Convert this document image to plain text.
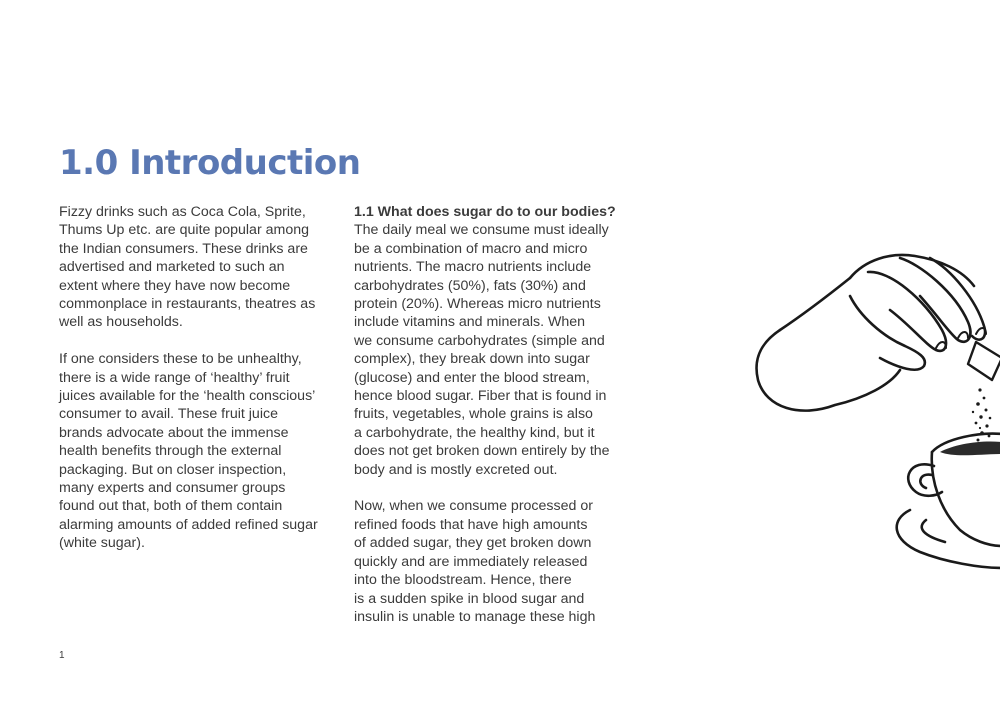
1.0 Introduction
Fizzy drinks such as Coca Cola, Sprite,
Thums Up etc. are quite popular among
the Indian consumers. These drinks are
advertised and marketed to such an
extent where they have now become
commonplace in restaurants, theatres as
well as households.
If one considers these to be unhealthy,
there is a wide range of ‘healthy’ fruit
juices available for the ‘health conscious’
consumer to avail. These fruit juice
brands advocate about the immense
health benefits through the external
packaging. But on closer inspection,
many experts and consumer groups
found out that, both of them contain
alarming amounts of added refined sugar
(white sugar).
1.1 What does sugar do to our bodies?
The daily meal we consume must ideally
be a combination of macro and micro
nutrients. The macro nutrients include
carbohydrates (50%), fats (30%) and
protein (20%). Whereas micro nutrients
include vitamins and minerals. When
we consume carbohydrates (simple and
complex), they break down into sugar
(glucose) and enter the blood stream,
hence blood sugar. Fiber that is found in
fruits, vegetables, whole grains is also
a carbohydrate, the healthy kind, but it
does not get broken down entirely by the
body and is mostly excreted out.
Now, when we consume processed or
refined foods that have high amounts
of added sugar, they get broken down
quickly and are immediately released
into the bloodstream. Hence, there
is a sudden spike in blood sugar and
insulin is unable to manage these high
1
